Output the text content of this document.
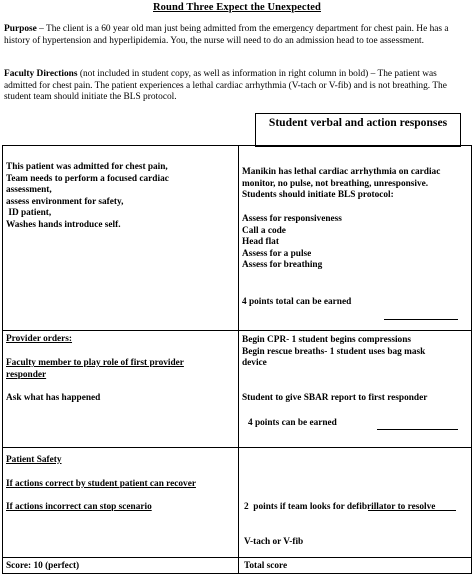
Round Three Expect the Unexpected
Purpose – The client is a 60 year old man just being admitted from the emergency department for chest pain. He has a history of hypertension and hyperlipidemia. You, the nurse will need to do an admission head to toe assessment.
Faculty Directions (not included in student copy, as well as information in right column in bold) – The patient was admitted for chest pain. The patient experiences a lethal cardiac arrhythmia (V-tach or V-fib) and is not breathing. The student team should initiate the BLS protocol.
Student verbal and action responses
This patient was admitted for chest pain,
Team needs to perform a focused cardiac
assessment,
assess environment for safety,
ID patient,
Washes hands introduce self.
Manikin has lethal cardiac arrhythmia on cardiac
monitor, no pulse, not breathing, unresponsive.
Students should initiate BLS protocol:
Assess for responsiveness
Call a code
Head flat
Assess for a pulse
Assess for breathing
4 points total can be earned
Provider orders:
Faculty member to play role of first provider
responder
Ask what has happened
Begin CPR- 1 student begins compressions
Begin rescue breaths- 1 student uses bag mask
device
Student to give SBAR report to first responder
4 points can be earned
Patient Safety
If actions correct by student patient can recover
If actions incorrect can stop scenario

	2  points if team looks for defibrillator to resolve

V-tach or V-fib

Score: 10 (perfect)	Total score
